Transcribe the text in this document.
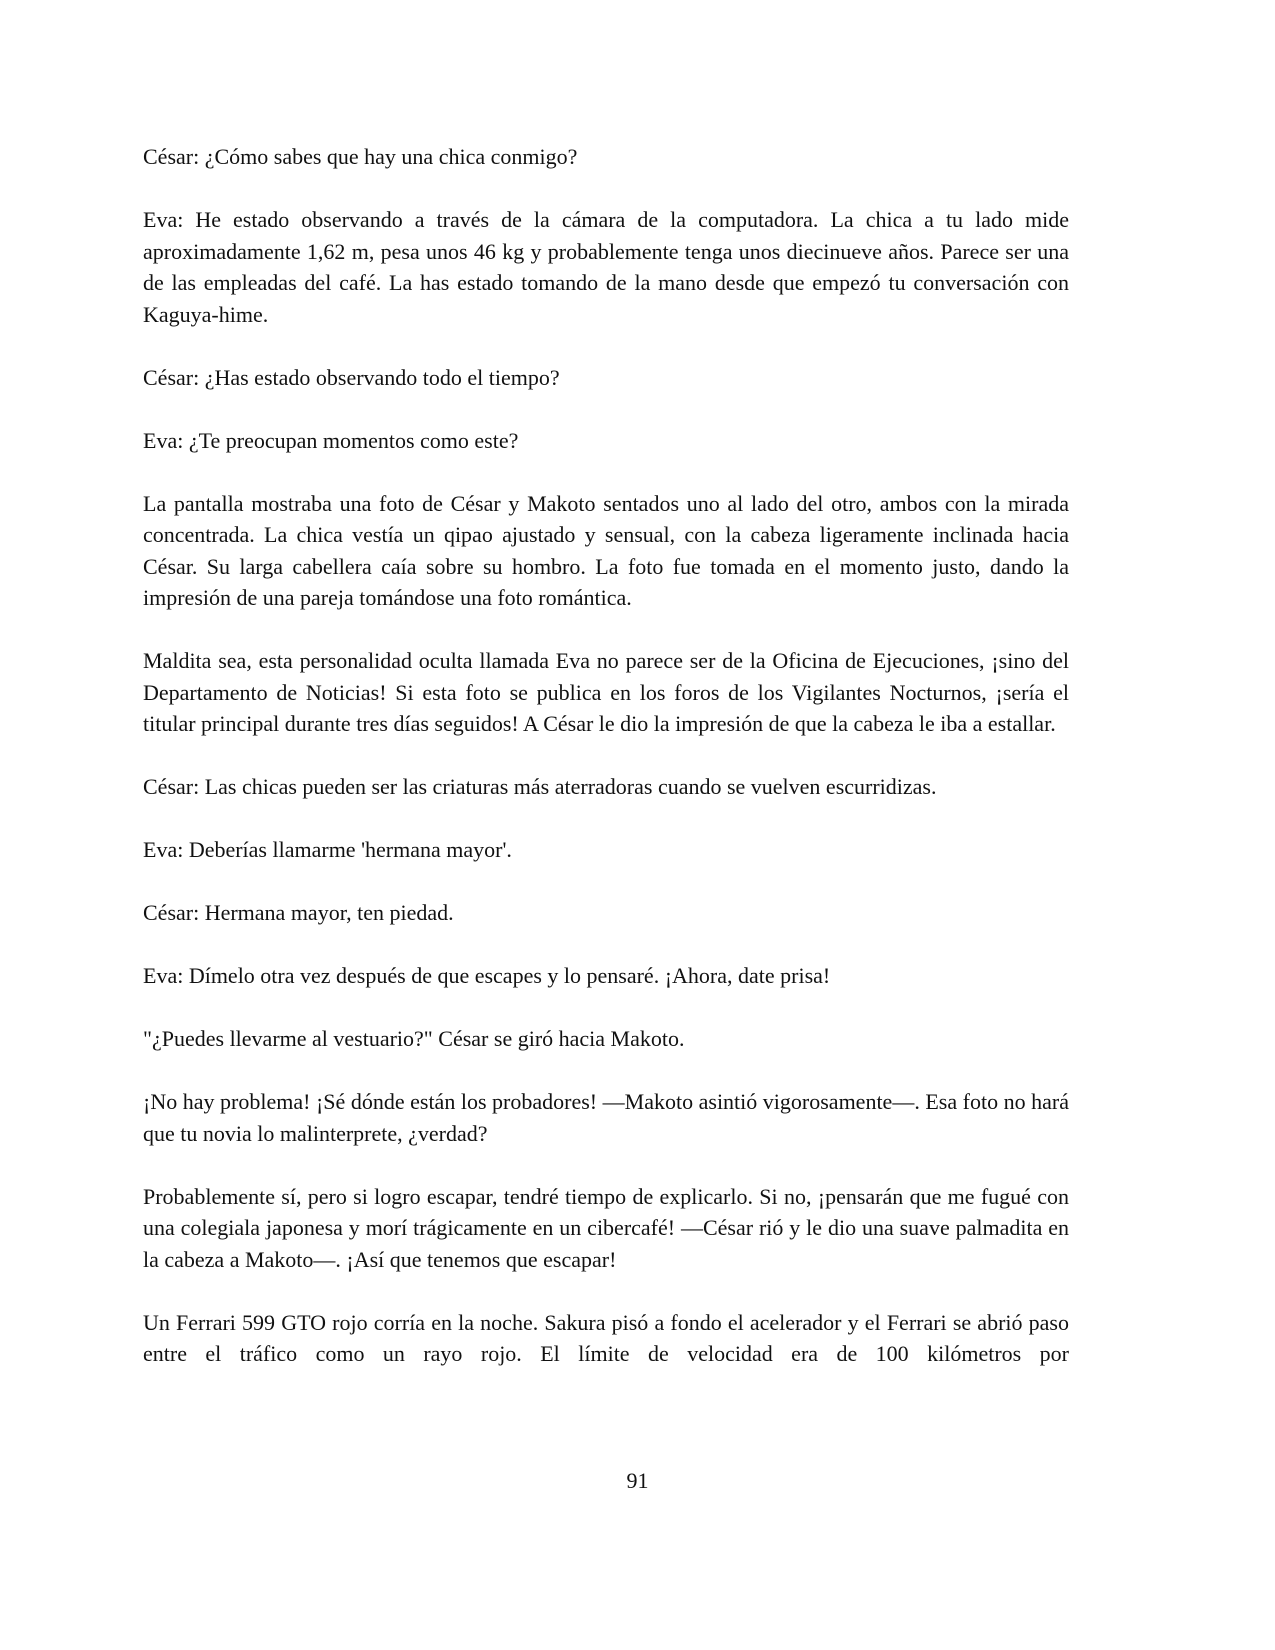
César: ¿Cómo sabes que hay una chica conmigo?

Eva: He estado observando a través de la cámara de la computadora. La chica a tu lado mide aproximadamente 1,62 m, pesa unos 46 kg y probablemente tenga unos diecinueve años. Parece ser una de las empleadas del café. La has estado tomando de la mano desde que empezó tu conversación con Kaguya-hime.

César: ¿Has estado observando todo el tiempo?

Eva: ¿Te preocupan momentos como este?

La pantalla mostraba una foto de César y Makoto sentados uno al lado del otro, ambos con la mirada concentrada. La chica vestía un qipao ajustado y sensual, con la cabeza ligeramente inclinada hacia César. Su larga cabellera caía sobre su hombro. La foto fue tomada en el momento justo, dando la impresión de una pareja tomándose una foto romántica.

Maldita sea, esta personalidad oculta llamada Eva no parece ser de la Oficina de Ejecuciones, ¡sino del Departamento de Noticias! Si esta foto se publica en los foros de los Vigilantes Nocturnos, ¡sería el titular principal durante tres días seguidos! A César le dio la impresión de que la cabeza le iba a estallar.

César: Las chicas pueden ser las criaturas más aterradoras cuando se vuelven escurridizas.

Eva: Deberías llamarme 'hermana mayor'.

César: Hermana mayor, ten piedad.

Eva: Dímelo otra vez después de que escapes y lo pensaré. ¡Ahora, date prisa!

"¿Puedes llevarme al vestuario?" César se giró hacia Makoto.

¡No hay problema! ¡Sé dónde están los probadores! —Makoto asintió vigorosamente—. Esa foto no hará que tu novia lo malinterprete, ¿verdad?

Probablemente sí, pero si logro escapar, tendré tiempo de explicarlo. Si no, ¡pensarán que me fugué con una colegiala japonesa y morí trágicamente en un cibercafé! —César rió y le dio una suave palmadita en la cabeza a Makoto—. ¡Así que tenemos que escapar!

Un Ferrari 599 GTO rojo corría en la noche. Sakura pisó a fondo el acelerador y el Ferrari se abrió paso entre el tráfico como un rayo rojo. El límite de velocidad era de 100 kilómetros por

91
